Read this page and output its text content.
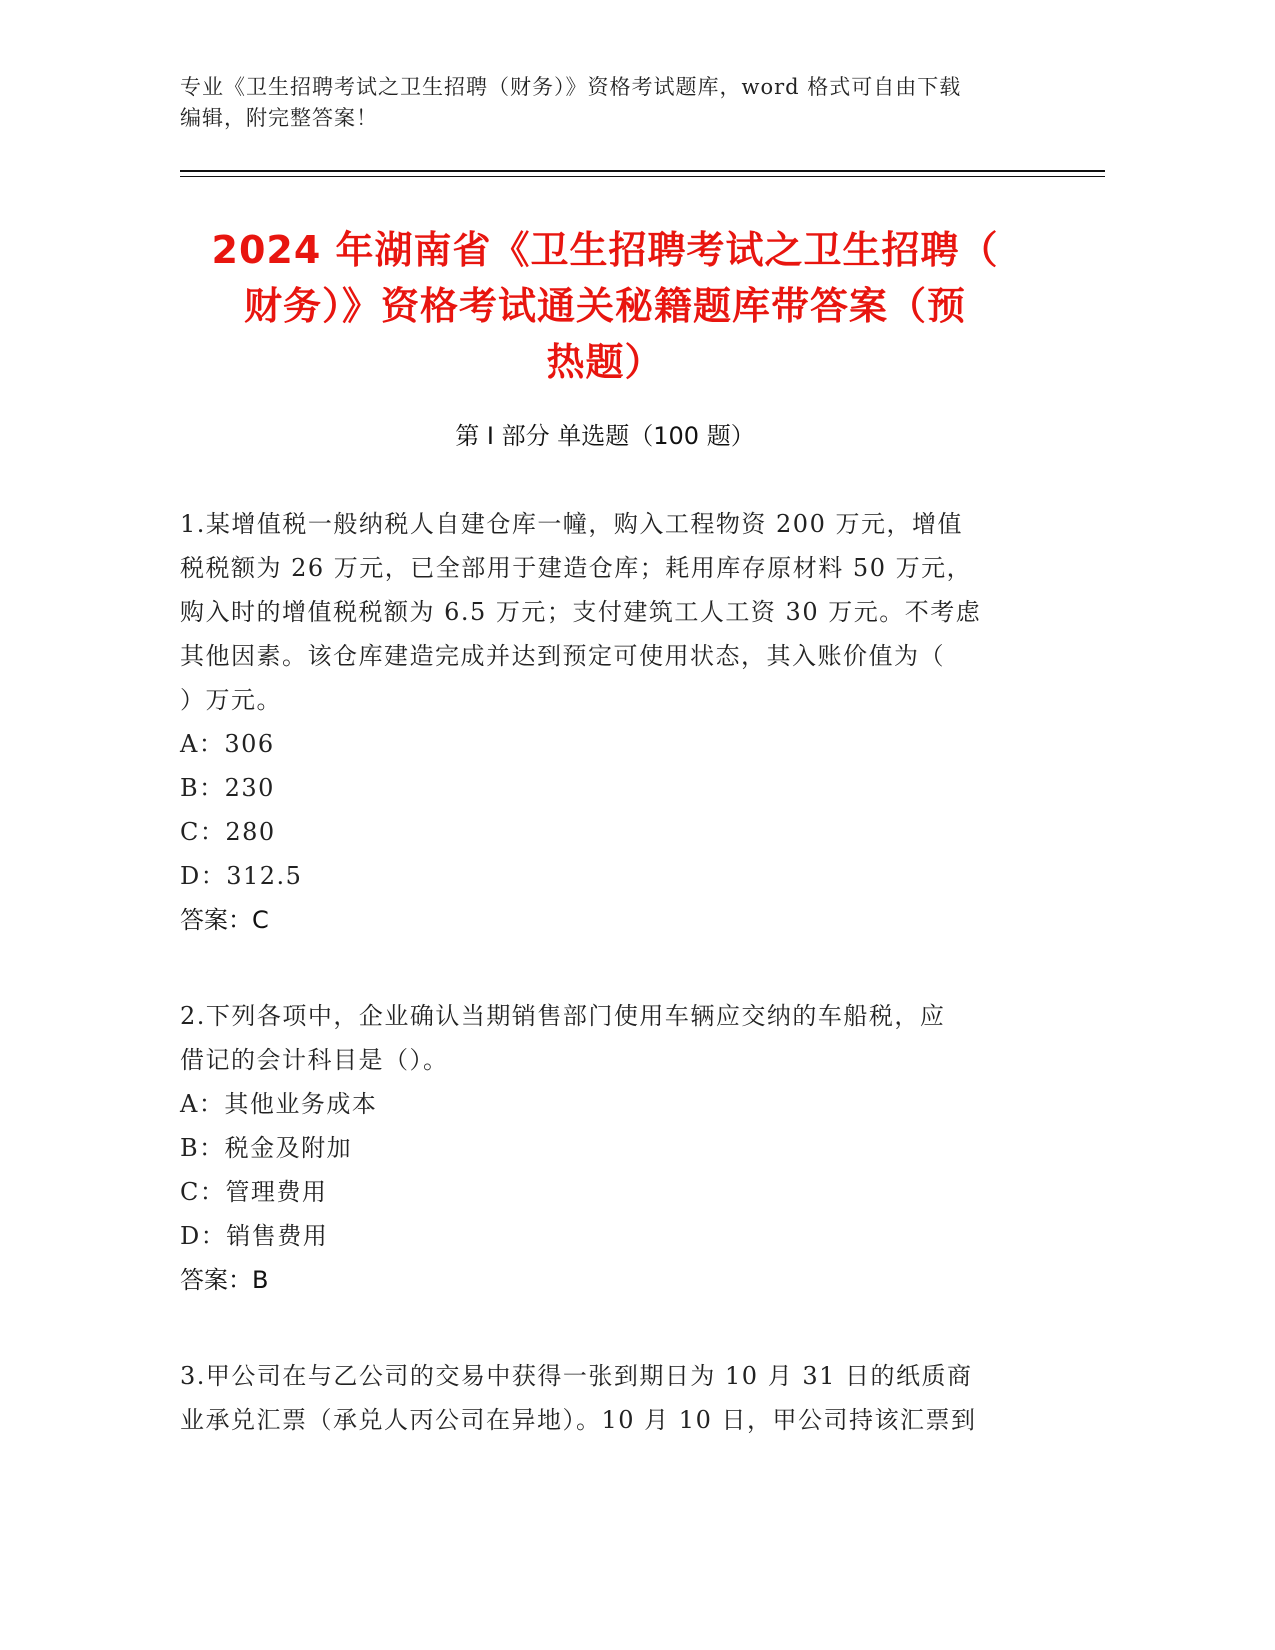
专业《卫生招聘考试之卫生招聘（财务）》资格考试题库，word 格式可自由下载
编辑，附完整答案！
2024 年湖南省《卫生招聘考试之卫生招聘（
财务）》资格考试通关秘籍题库带答案（预
热题）
第 I 部分 单选题（100 题）

1.某增值税一般纳税人自建仓库一幢，购入工程物资 200 万元，增值

税税额为 26 万元，已全部用于建造仓库；耗用库存原材料 50 万元，

购入时的增值税税额为 6.5 万元；支付建筑工人工资 30 万元。不考虑

其他因素。该仓库建造完成并达到预定可使用状态，其入账价值为（

）万元。

A：306

B：230

C：280

D：312.5

答案：C

2.下列各项中，企业确认当期销售部门使用车辆应交纳的车船税，应

借记的会计科目是（）。

A：其他业务成本

B：税金及附加

C：管理费用

D：销售费用

答案：B

3.甲公司在与乙公司的交易中获得一张到期日为 10 月 31 日的纸质商

业承兑汇票（承兑人丙公司在异地）。10 月 10 日，甲公司持该汇票到
